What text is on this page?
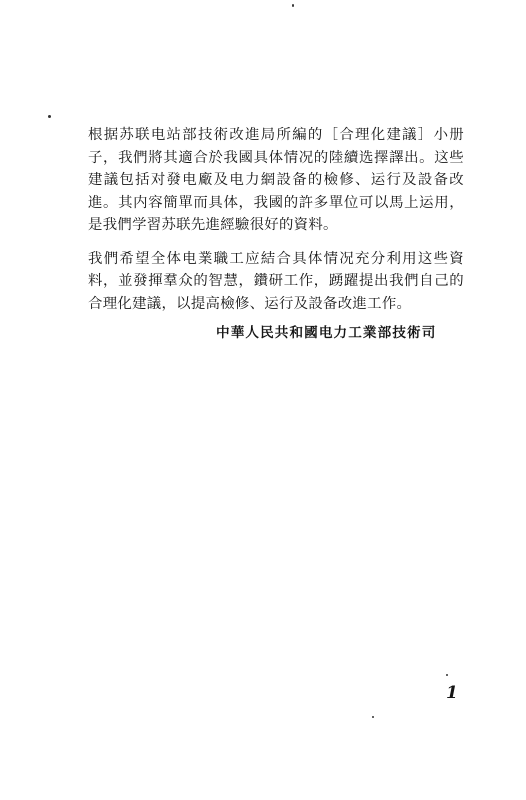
根据苏联电站部技術改進局所編的［合理化建議］小册子，我們將其適合於我國具体情况的陸續选擇譯出。这些建議包括对發电廠及电力網設备的檢修、运行及設备改進。其内容簡單而具体，我國的許多單位可以馬上运用，是我們学習苏联先進經驗很好的資料。

我們希望全体电業職工应結合具体情况充分利用这些資料，並發揮羣众的智慧，鑽研工作，踴躍提出我們自己的合理化建議，以提高檢修、运行及設备改進工作。

中華人民共和國电力工業部技術司
1
